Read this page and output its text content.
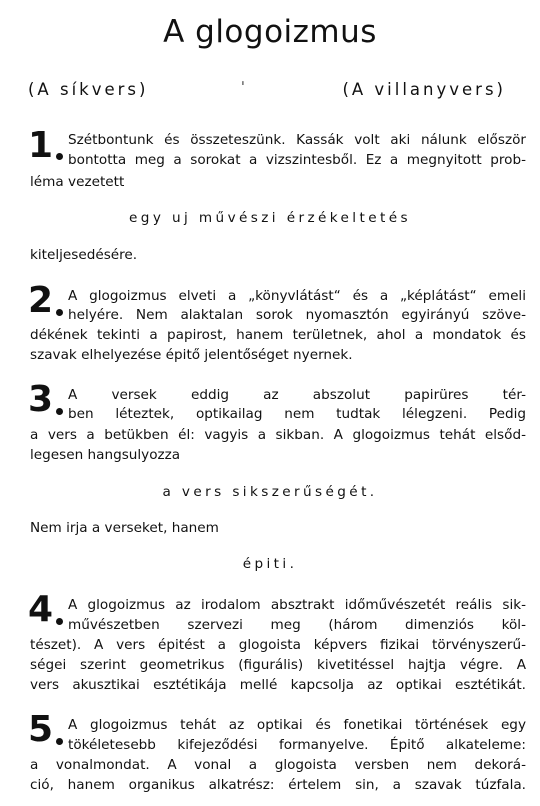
A glogoizmus
(A síkvers)	ˈ	(A villanyvers)
1 Szétbontunk és összeteszünk. Kassák volt aki nálunk először
bontotta meg a sorokat a vizszintesből. Ez a megnyitott prob-
léma vezetett
egy uj művészi érzékeltetés
kiteljesedésére.
2 A glogoizmus elveti a „könyvlátást“ és a „képlátást“ emeli
helyére. Nem alaktalan sorok nyomasztón egyirányú szöve-
dékének tekinti a papirost, hanem területnek, ahol a mondatok és
szavak elhelyezése épitő jelentőséget nyernek.
3 A versek eddig az abszolut papirüres tér-
ben léteztek, optikailag nem tudtak lélegzeni. Pedig
a vers a betükben él: vagyis a sikban. A glogoizmus tehát elsőd-
legesen hangsulyozza
a vers sikszerűségét.
Nem irja a verseket, hanem
épiti.
4 A glogoizmus az irodalom absztrakt időművészetét reális sik-
művészetben szervezi meg (három dimenziós köl-
tészet). A vers épitést a glogoista képvers fizikai törvényszerű-
ségei szerint geometrikus (figurális) kivetitéssel hajtja végre. A
vers akusztikai esztétikája mellé kapcsolja az optikai esztétikát.
5 A glogoizmus tehát az optikai és fonetikai történések egy
tökéletesebb kifejeződési formanyelve. Épitő alkateleme:
a vonalmondat. A vonal a glogoista versben nem dekorá-
ció, hanem organikus alkatrész: értelem sin, a szavak túzfala.
